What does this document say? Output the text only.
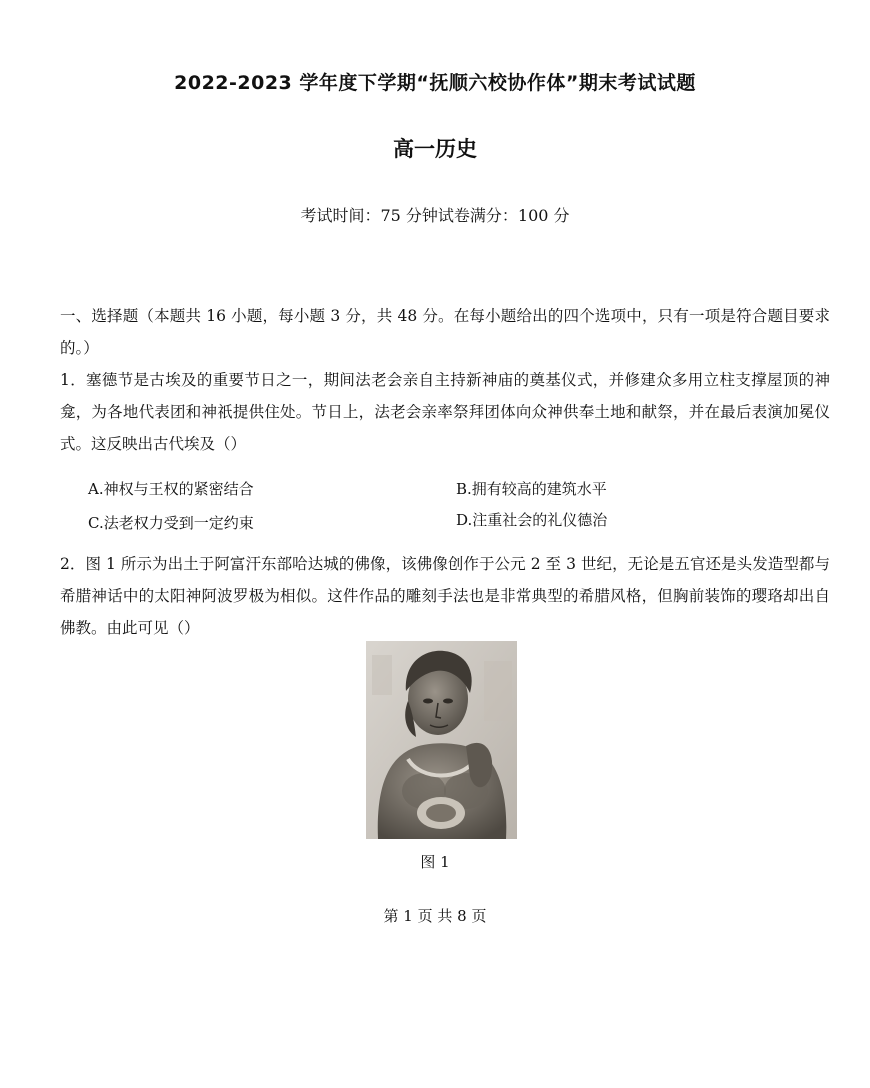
2022-2023 学年度下学期“抚顺六校协作体”期末考试试题
高一历史
考试时间：75 分钟试卷满分：100 分

一、选择题（本题共 16 小题，每小题 3 分，共 48 分。在每小题给出的四个选项中，只有一项是符合题目要求的。）

1．塞德节是古埃及的重要节日之一，期间法老会亲自主持新神庙的奠基仪式，并修建众多用立柱支撑屋顶的神龛，为各地代表团和神祇提供住处。节日上，法老会亲率祭拜团体向众神供奉土地和献祭，并在最后表演加冕仪式。这反映出古代埃及（）

A.神权与王权的紧密结合	B.拥有较高的建筑水平
C.法老权力受到一定约束	D.注重社会的礼仪德治

2．图 1 所示为出土于阿富汗东部哈达城的佛像，该佛像创作于公元 2 至 3 世纪，无论是五官还是头发造型都与希腊神话中的太阳神阿波罗极为相似。这件作品的雕刻手法也是非常典型的希腊风格，但胸前装饰的璎珞却出自佛教。由此可见（）

图 1
第 1 页 共 8 页
